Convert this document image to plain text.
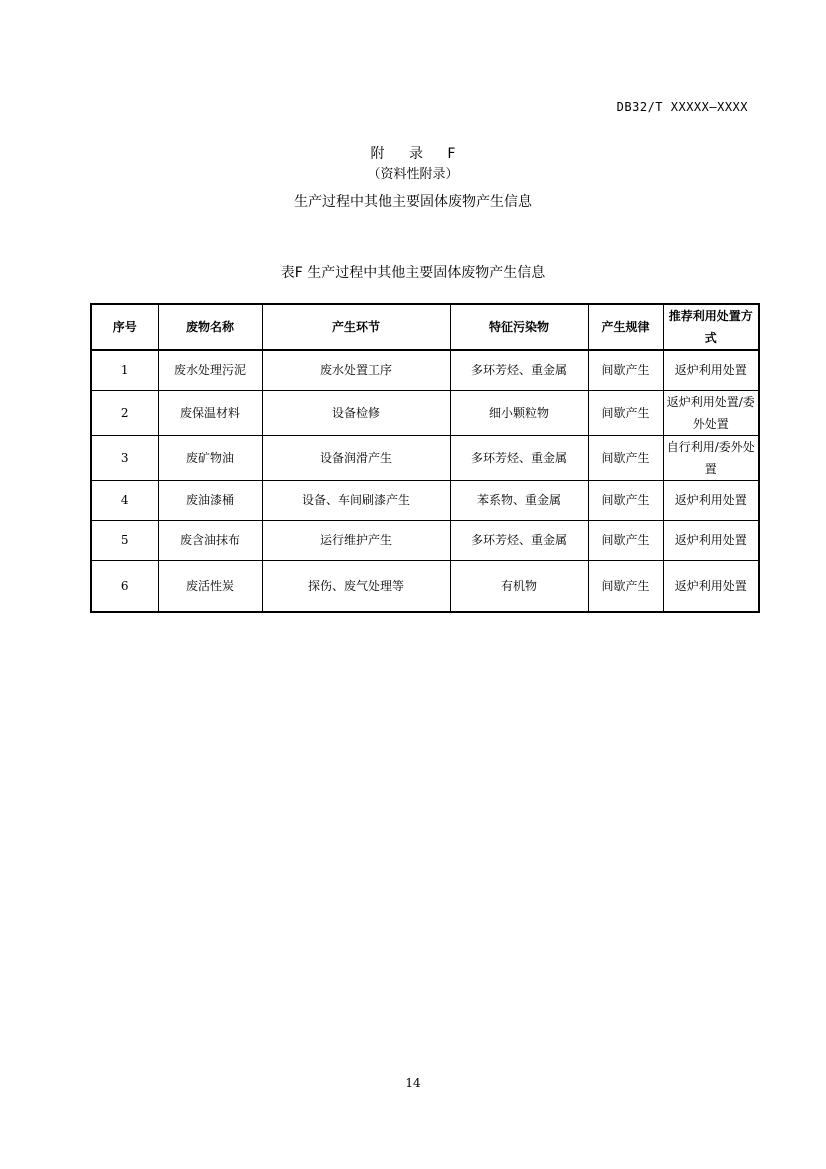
DB32/T XXXXX—XXXX
附 录 F
（资料性附录）
生产过程中其他主要固体废物产生信息
表F 生产过程中其他主要固体废物产生信息
序号	废物名称	产生环节	特征污染物	产生规律	推荐利用处置方式
1	废水处理污泥	废水处置工序	多环芳烃、重金属	间歇产生	返炉利用处置
2	废保温材料	设备检修	细小颗粒物	间歇产生	返炉利用处置/委外处置
3	废矿物油	设备润滑产生	多环芳烃、重金属	间歇产生	自行利用/委外处置
4	废油漆桶	设备、车间刷漆产生	苯系物、重金属	间歇产生	返炉利用处置
5	废含油抹布	运行维护产生	多环芳烃、重金属	间歇产生	返炉利用处置
6	废活性炭	探伤、废气处理等	有机物	间歇产生	返炉利用处置
14
